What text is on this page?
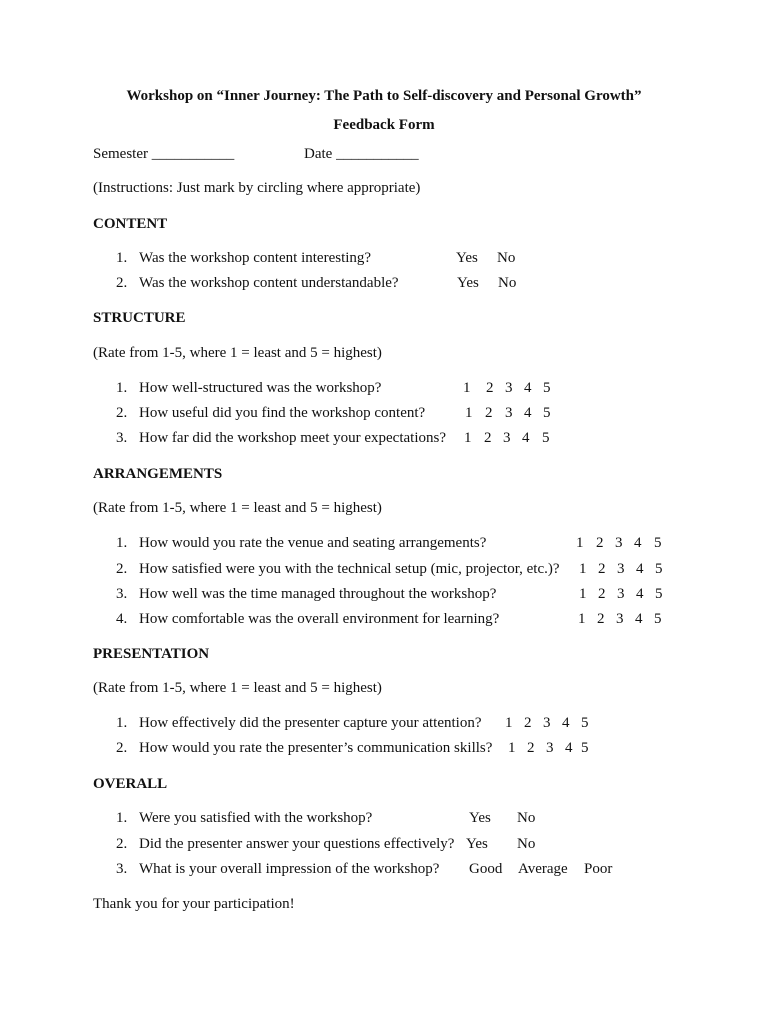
Workshop on “Inner Journey: The Path to Self-discovery and Personal Growth”
Feedback Form
Semester ___________	Date ___________
(Instructions: Just mark by circling where appropriate)
CONTENT
1. Was the workshop content interesting?	Yes No
2. Was the workshop content understandable?	Yes No
STRUCTURE
(Rate from 1-5, where 1 = least and 5 = highest)
1. How well-structured was the workshop?	1 2 3 4 5
2. How useful did you find the workshop content?	1 2 3 4 5
3. How far did the workshop meet your expectations? 1 2 3 4 5
ARRANGEMENTS
(Rate from 1-5, where 1 = least and 5 = highest)
1. How would you rate the venue and seating arrangements?	1 2 3 4 5
2. How satisfied were you with the technical setup (mic, projector, etc.)? 1 2 3 4 5
3. How well was the time managed throughout the workshop?	1 2 3 4 5
4. How comfortable was the overall environment for learning?	1 2 3 4 5
PRESENTATION
(Rate from 1-5, where 1 = least and 5 = highest)
1. How effectively did the presenter capture your attention? 1 2 3 4 5
2. How would you rate the presenter’s communication skills? 1 2 3 4 5
OVERALL
1. Were you satisfied with the workshop?	Yes No
2. Did the presenter answer your questions effectively? Yes No
3. What is your overall impression of the workshop? Good Average Poor
Thank you for your participation!
